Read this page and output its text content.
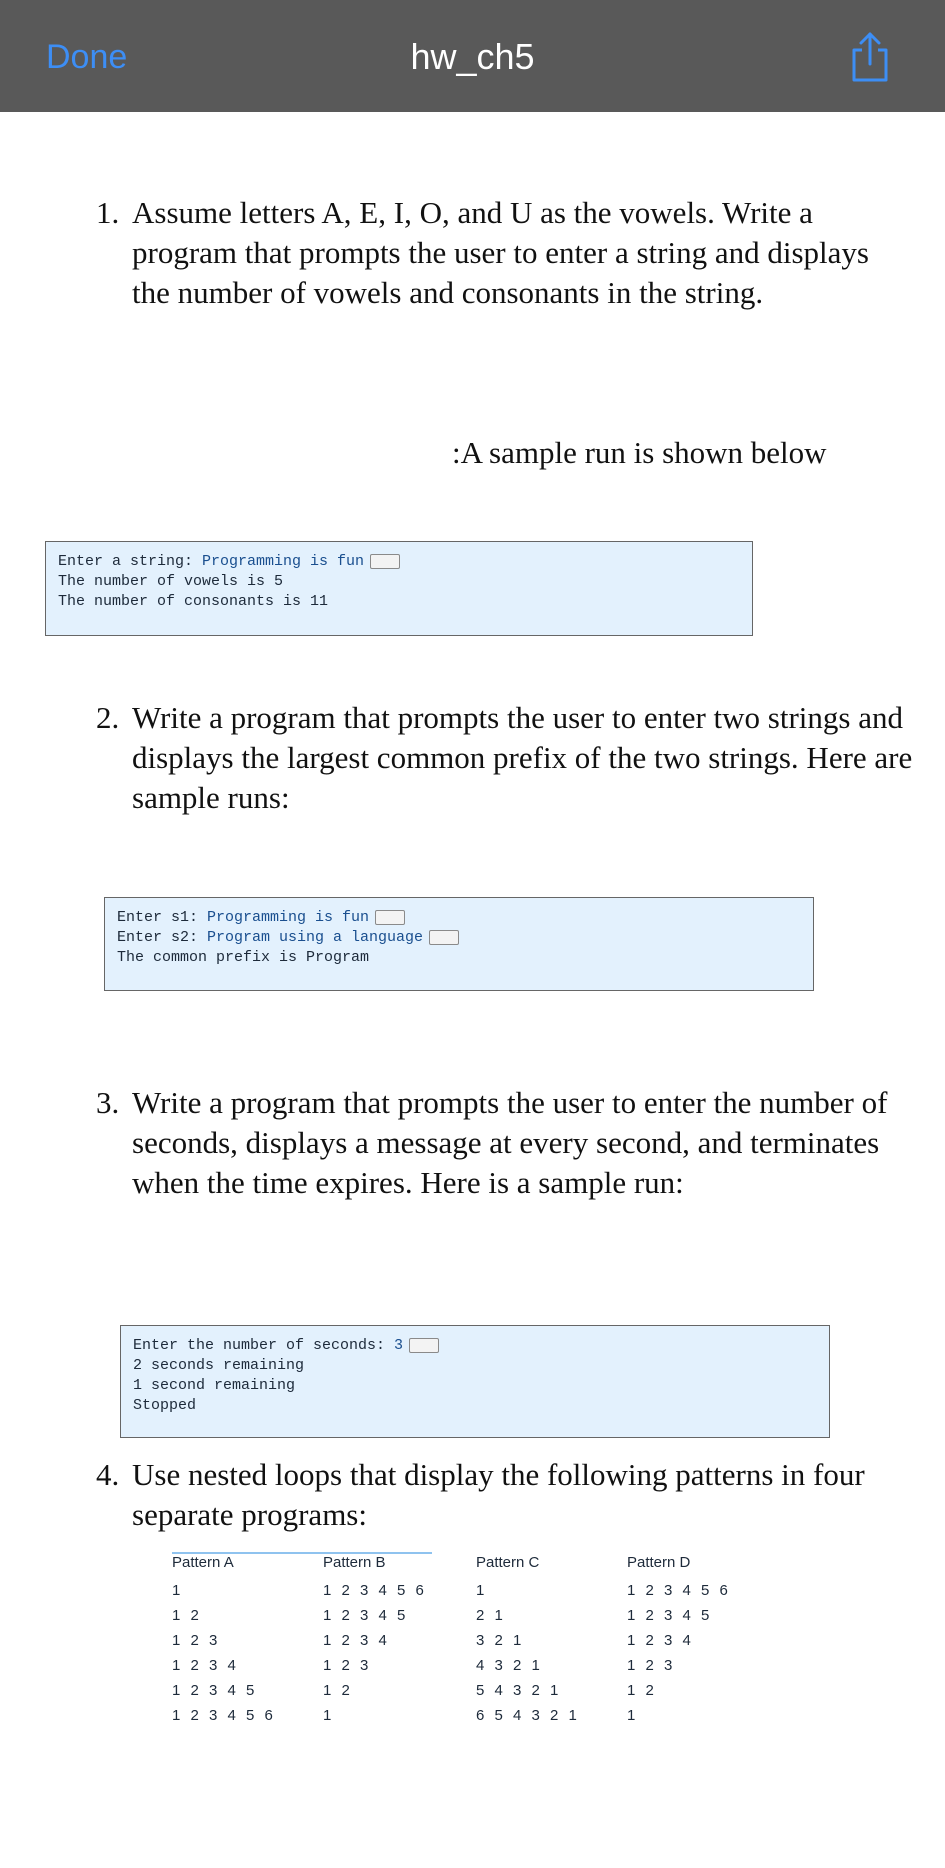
Done	hw_ch5
1. Assume letters A, E, I, O, and U as the vowels. Write a program that prompts the user to enter a string and displays the number of vowels and consonants in the string.
:A sample run is shown below
Enter a string: Programming is fun
The number of vowels is 5
The number of consonants is 11
2. Write a program that prompts the user to enter two strings and displays the largest common prefix of the two strings. Here are sample runs:
Enter s1: Programming is fun
Enter s2: Program using a language
The common prefix is Program
3. Write a program that prompts the user to enter the number of seconds, displays a message at every second, and terminates when the time expires. Here is a sample run:
Enter the number of seconds: 3
2 seconds remaining
1 second remaining
Stopped
4. Use nested loops that display the following patterns in four separate programs:
Pattern A
1
1 2
1 2 3
1 2 3 4
1 2 3 4 5
1 2 3 4 5 6
Pattern B
1 2 3 4 5 6
1 2 3 4 5
1 2 3 4
1 2 3
1 2
1
Pattern C
1
2 1
3 2 1
4 3 2 1
5 4 3 2 1
6 5 4 3 2 1
Pattern D
1 2 3 4 5 6
1 2 3 4 5
1 2 3 4
1 2 3
1 2
1
